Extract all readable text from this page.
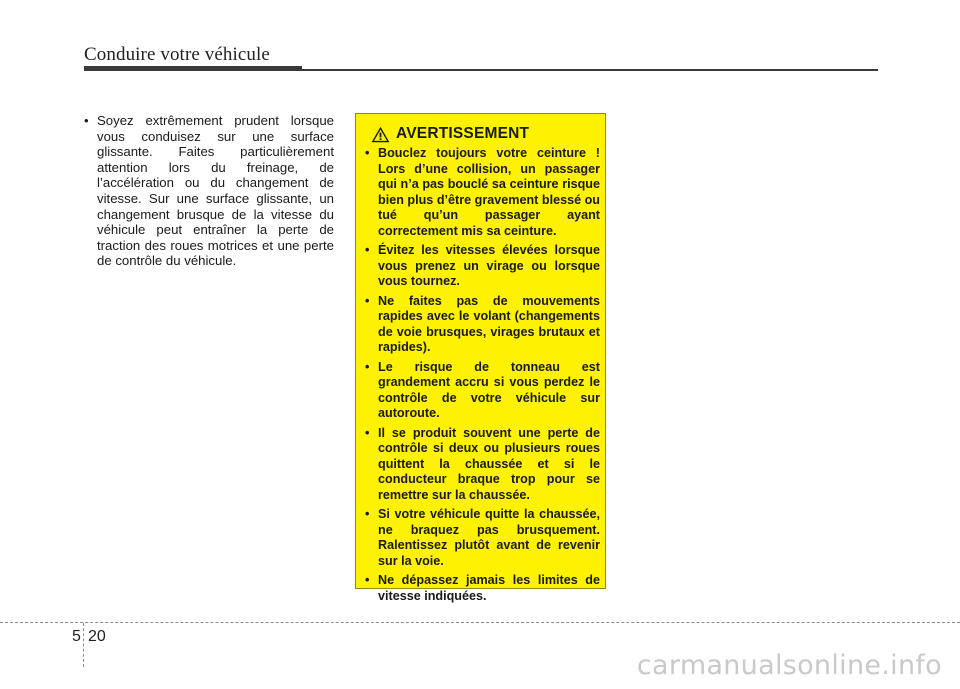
Conduire votre véhicule
• Soyez extrêmement prudent lorsque vous conduisez sur une surface glissante. Faites particulièrement attention lors du freinage, de l’accélération ou du changement de vitesse. Sur une surface glissante, un changement brusque de la vitesse du véhicule peut entraîner la perte de traction des roues motrices et une perte de contrôle du véhicule.
AVERTISSEMENT
• Bouclez toujours votre ceinture ! Lors d’une collision, un passager qui n’a pas bouclé sa ceinture risque bien plus d’être gravement blessé ou tué qu’un passager ayant correctement mis sa ceinture.
• Évitez les vitesses élevées lorsque vous prenez un virage ou lorsque vous tournez.
• Ne faites pas de mouvements rapides avec le volant (changements de voie brusques, virages brutaux et rapides).
• Le risque de tonneau est grandement accru si vous perdez le contrôle de votre véhicule sur autoroute.
• Il se produit souvent une perte de contrôle si deux ou plusieurs roues quittent la chaussée et si le conducteur braque trop pour se remettre sur la chaussée.
• Si votre véhicule quitte la chaussée, ne braquez pas brusquement. Ralentissez plutôt avant de revenir sur la voie.
• Ne dépassez jamais les limites de vitesse indiquées.
5 20
carmanualsonline.info
